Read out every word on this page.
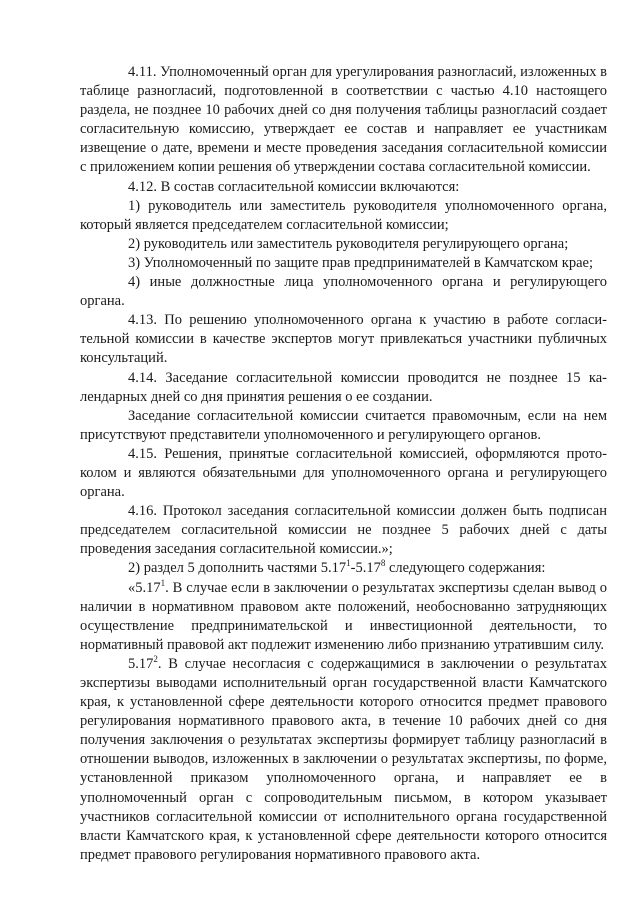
4.11. Уполномоченный орган для урегулирования разногласий, изложенных в таблице разногласий, подготовленной в соответствии с частью 4.10 настоящего раздела, не позднее 10 рабочих дней со дня получения таблицы разногласий создает согласительную комиссию, утверждает ее состав и направляет ее участникам извещение о дате, времени и месте проведения заседания согласительной комиссии с приложением копии решения об утверждении состава согласительной комиссии.

4.12. В состав согласительной комиссии включаются:

1) руководитель или заместитель руководителя уполномоченного органа, который является председателем согласительной комиссии;

2) руководитель или заместитель руководителя регулирующего органа;

3) Уполномоченный по защите прав предпринимателей в Камчатском крае;

4) иные должностные лица уполномоченного органа и регулирующего органа.

4.13. По решению уполномоченного органа к участию в работе согласительной комиссии в качестве экспертов могут привлекаться участники публичных консультаций.

4.14. Заседание согласительной комиссии проводится не позднее 15 календарных дней со дня принятия решения о ее создании.

Заседание согласительной комиссии считается правомочным, если на нем присутствуют представители уполномоченного и регулирующего органов.

4.15. Решения, принятые согласительной комиссией, оформляются протоколом и являются обязательными для уполномоченного органа и регулирующего органа.

4.16. Протокол заседания согласительной комиссии должен быть подписан председателем согласительной комиссии не позднее 5 рабочих дней с даты проведения заседания согласительной комиссии.»;

2) раздел 5 дополнить частями 5.17$^1$-5.17$^8$ следующего содержания:

«5.17$^1$. В случае если в заключении о результатах экспертизы сделан вывод о наличии в нормативном правовом акте положений, необоснованно затрудняющих осуществление предпринимательской и инвестиционной деятельности, то нормативный правовой акт подлежит изменению либо признанию утратившим силу.

5.17$^2$. В случае несогласия с содержащимися в заключении о результатах экспертизы выводами исполнительный орган государственной власти Камчатского края, к установленной сфере деятельности которого относится предмет правового регулирования нормативного правового акта, в течение 10 рабочих дней со дня получения заключения о результатах экспертизы формирует таблицу разногласий в отношении выводов, изложенных в заключении о результатах экспертизы, по форме, установленной приказом уполномоченного органа, и направляет ее в уполномоченный орган с сопроводительным письмом, в котором указывает участников согласительной комиссии от исполнительного органа государственной власти Камчатского края, к установленной сфере деятельности которого относится предмет правового регулирования нормативного правового акта.
